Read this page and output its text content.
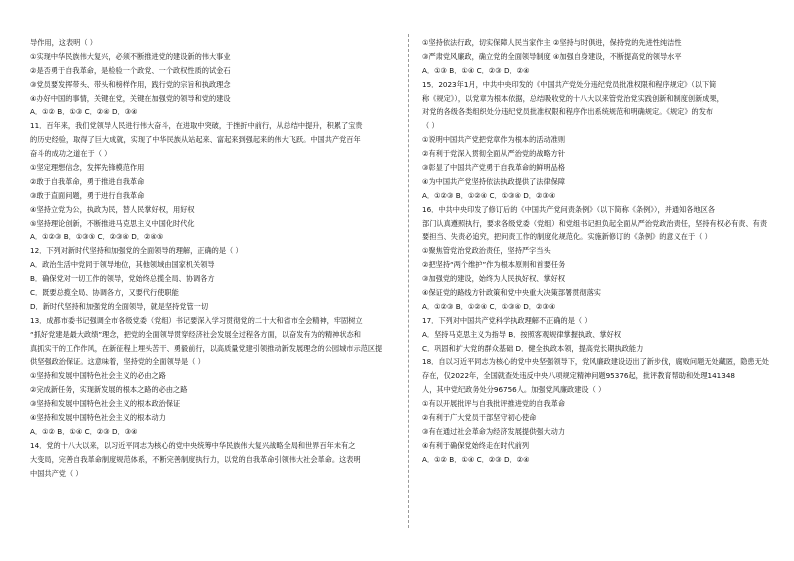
导作用，这表明（ ）
①实现中华民族伟大复兴，必须不断推进党的建设新的伟大事业
②是否勇于自我革命，是检验一个政党、一个政权性质的试金石
③党员要发挥带头、带头和榜样作用，践行党的宗旨和执政理念
④办好中国的事情，关键在党，关键在加强党的领导和党的建设
A．①② B．①③ C．②④ D．③④
11．百年来，我们党领导人民进行伟大奋斗，在进取中突破，于挫折中前行，从总结中提升，积累了宝贵
的历史经验，取得了巨大成就，实现了中华民族从站起来、富起来到强起来的伟大飞跃。中国共产党百年
奋斗的成功之道在于（ ）
①坚定理想信念，发挥先锋模范作用
②敢于自我革命，勇于推进自我革命
③敢于直面问题，勇于进行自我革命
④坚持立党为公，执政为民，替人民掌好权，用好权
⑤坚持理论创新，不断推进马克思主义中国化时代化
A．①②③ B．①③⑤ C．②③④ D．②④⑤
12．下列对新时代坚持和加强党的全面领导的理解，正确的是（ ）
A．政治生活中党同于领导地位，其他领域由国家机关领导
B．确保党对一切工作的领导，党始终总揽全局、协调各方
C．既要总揽全局、协调各方，又要代行使职能
D．新时代坚持和加强党的全面领导，就是坚持党管一切
13．成都市委书记强调全市各级党委（党组）书记要深入学习贯彻党的二十大和省市全会精神，牢固树立
“抓好党建是最大政绩”理念，把党的全面领导贯穿经济社会发展全过程各方面，以奋发有为的精神状态和
真抓实干的工作作风，在新征程上埋头苦干、勇毅前行，以高质量党建引领推动新发展理念的公园城市示范区提
供坚强政治保证。这意味着，坚持党的全面领导是（ ）
①坚持和发展中国特色社会主义的必由之路
②完成新任务，实现新发展的根本之路的必由之路
③坚持和发展中国特色社会主义的根本政治保证
④坚持和发展中国特色社会主义的根本动力
A．①② B．①④ C．②③ D．③④
14．党的十八大以来，以习近平同志为核心的党中央统筹中华民族伟大复兴战略全局和世界百年未有之
大变局，完善自我革命制度规范体系，不断完善制度执行力，以党的自我革命引领伟大社会革命。这表明
中国共产党（ ）
①坚持依法行政，切实保障人民当家作主 ②坚持与时俱进，保持党的先进性纯洁性
③严肃党风廉政，确立党的全面领导制度 ④加强自身建设，不断提高党的领导水平
A．①③ B．①④ C．②③ D．②④
15．2023年1月，中共中央印发的《中国共产党处分违纪党员批准权限和程序规定》（以下简
称《规定》），以党章为根本依据，总结吸收党的十八大以来管党治党实践创新和制度创新成果，
对党的各级各类组织处分违纪党员批准权限和程序作出系统规范和明确规定。《规定》的发布
（ ）
①说明中国共产党把党章作为根本的活动准则
②有利于党深入贯彻全面从严治党的战略方针
③彰显了中国共产党勇于自我革命的鲜明品格
④为中国共产党坚持依法执政提供了法律保障
A．①②③ B．①②④ C．①③④ D．②③④
16．中共中央印发了修订后的《中国共产党问责条例》（以下简称《条例》），并通知各地区各
部门认真遵照执行，要求各级党委（党组）和党组书记担负起全面从严治党政治责任，坚持有权必有责、有责
要担当、失责必追究，把问责工作的制度化规范化。实施新修订的《条例》的意义在于（ ）
①聚焦管党治党政治责任，坚持严字当头
②把坚持“两个维护”作为根本原则和首要任务
③加强党的建设，始终为人民执好权、掌好权
④保证党的路线方针政策和党中央重大决策部署贯彻落实
A．①②③ B．①②④ C．①③④ D．②③④
17．下列对中国共产党科学执政理解不正确的是（ ）
A．坚持马克思主义为指导 B．按照客观规律掌握执政、掌好权
C．巩固和扩大党的群众基础 D．健全执政本领，提高党长期执政能力
18．自以习近平同志为核心的党中央坚强领导下，党风廉政建设迈出了新步伐，腐败问题无处藏匿，隐患无处
存在，仅2022年，全国就查处违反中央八项规定精神问题95376起，批评教育帮助和处理141348
人，其中党纪政务处分96756人。加强党风廉政建设（ ）
①有以开展批评与自我批评推进党的自我革命
②有利于广大党员干部坚守初心使命
③有在通过社会革命为经济发展提供强大动力
④有利于确保党始终走在时代前列
A．①② B．①④ C．②③ D．②④
